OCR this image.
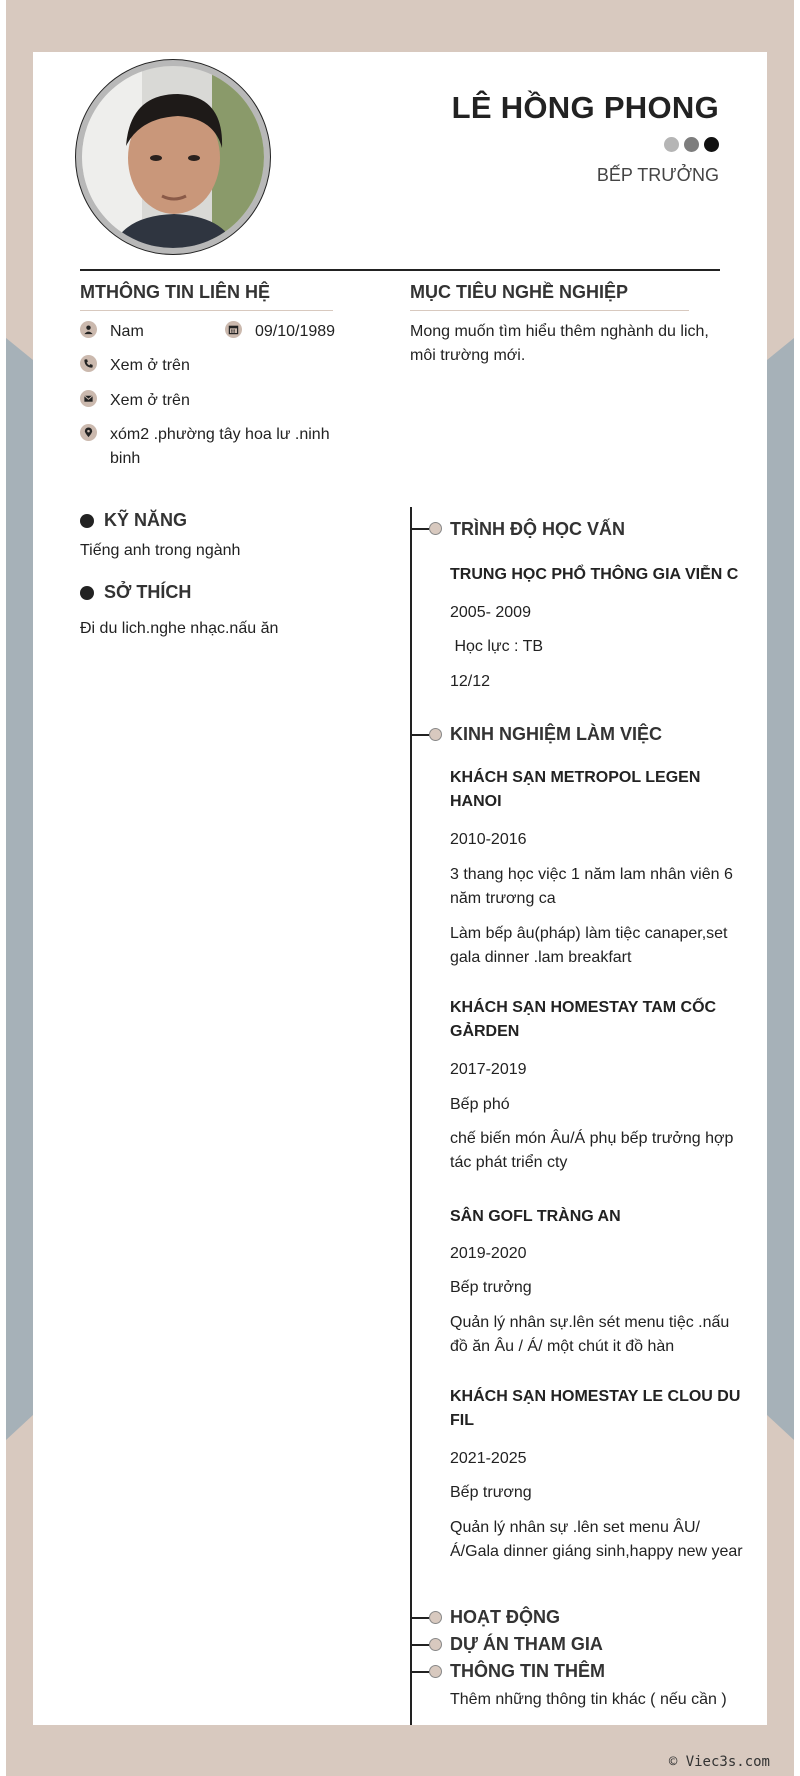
LÊ HỒNG PHONG
BẾP TRƯỞNG
MTHÔNG TIN LIÊN HỆ
Nam	09/10/1989
Xem ở trên
Xem ở trên
xóm2 .phường tây hoa lư .ninh binh
MỤC TIÊU NGHỀ NGHIỆP
Mong muốn tìm hiểu thêm nghành du lich, môi trường mới.
KỸ NĂNG
Tiếng anh trong ngành
SỞ THÍCH
Đi du lich.nghe nhạc.nấu ăn
TRÌNH ĐỘ HỌC VẤN
TRUNG HỌC PHỔ THÔNG GIA VIỄN C
2005- 2009
Học lực : TB
12/12
KINH NGHIỆM LÀM VIỆC
KHÁCH SẠN METROPOL LEGEN HANOI
2010-2016
3 thang học việc 1 năm lam nhân viên 6 năm trương ca
Làm bếp âu(pháp) làm tiệc canaper,set gala dinner .lam breakfart
KHÁCH SẠN HOMESTAY TAM CỐC GẢRDEN
2017-2019
Bếp phó
chế biến món Âu/Á phụ bếp trưởng hợp tác phát triển cty
SÂN GOFL TRÀNG AN
2019-2020
Bếp trưởng
Quản lý nhân sự.lên sét menu tiệc .nấu đồ ăn Âu / Á/ một chút it đồ hàn
KHÁCH SẠN HOMESTAY LE CLOU DU FIL
2021-2025
Bếp trương
Quản lý nhân sự .lên set menu ÂU/ Á/Gala dinner giáng sinh,happy new year
HOẠT ĐỘNG
DỰ ÁN THAM GIA
THÔNG TIN THÊM
Thêm những thông tin khác ( nếu cần )
© Viec3s.com
